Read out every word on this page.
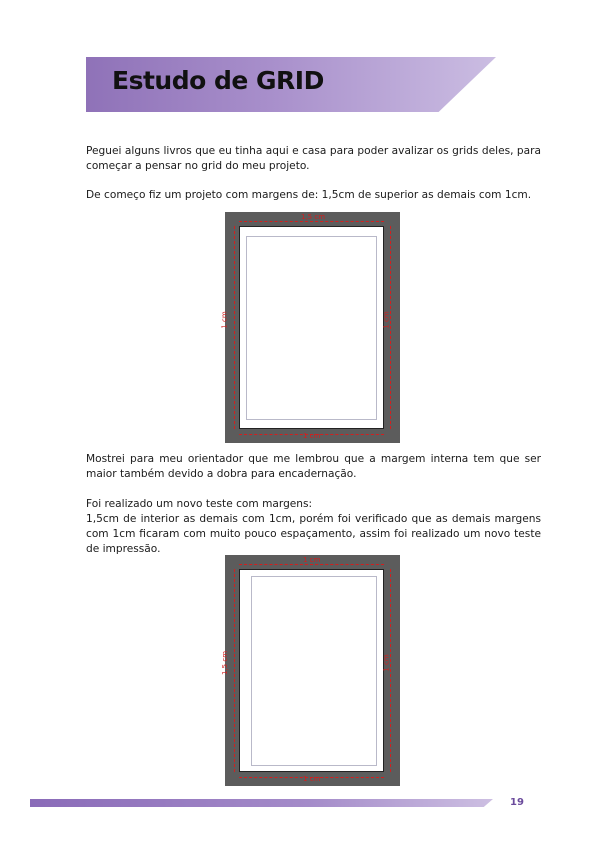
Estudo de GRID

Peguei alguns livros que eu tinha aqui e casa para poder avalizar os grids deles, para começar a pensar no grid do meu projeto.

De começo fiz um projeto com margens de: 1,5cm de superior as demais com 1cm.

1,5 cm
1 cm
1 cm	1 cm

Mostrei para meu orientador que me lembrou que a margem interna tem que ser maior também devido a dobra para encadernação.

Foi realizado um novo teste com margens:

1,5cm de interior as demais com 1cm, porém foi verificado que as demais margens com 1cm ficaram com muito pouco espaçamento, assim foi realizado um novo teste de impressão.

1 cm
1 cm
1,5 cm	1 cm
19
